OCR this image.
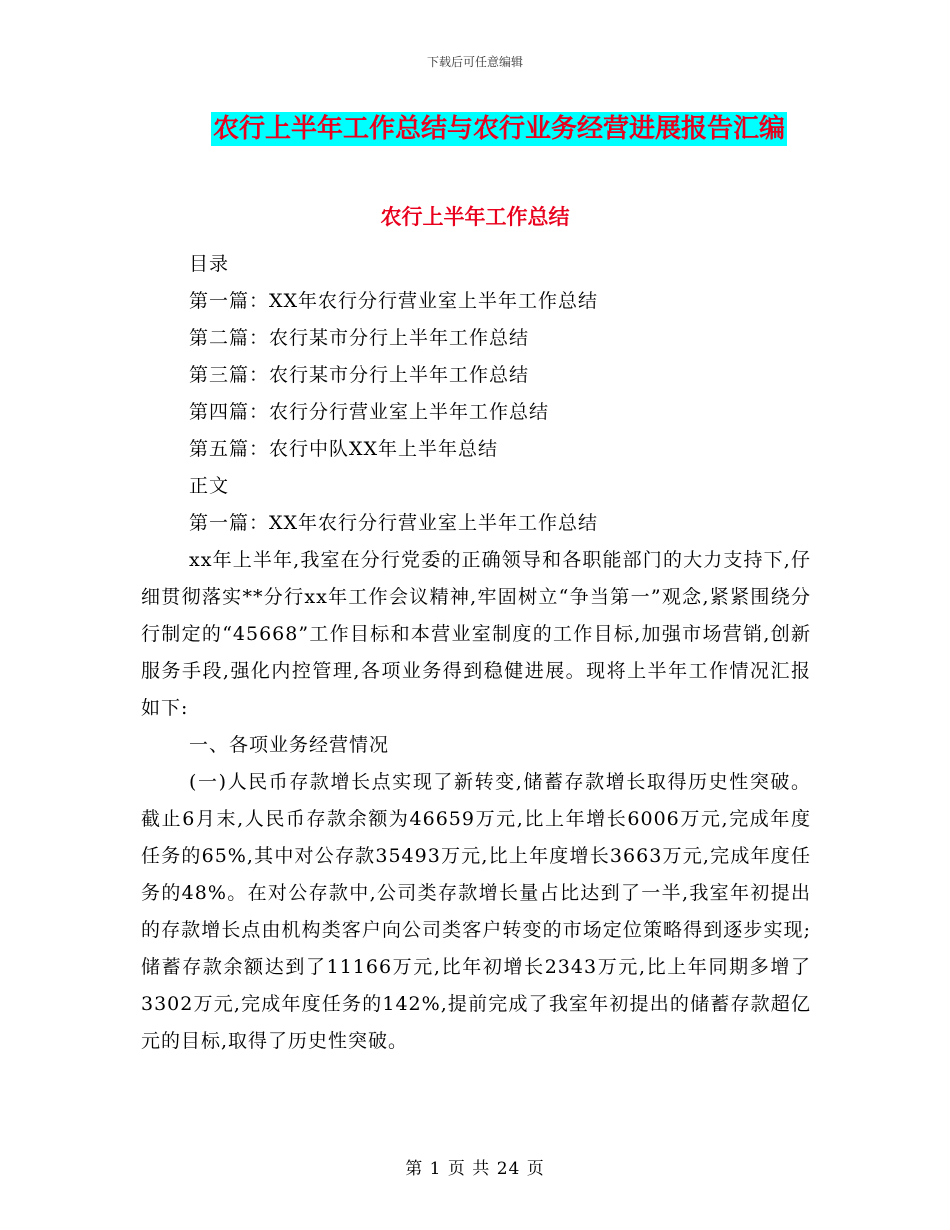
下载后可任意编辑
农行上半年工作总结与农行业务经营进展报告汇编
农行上半年工作总结

目录

第一篇：XX年农行分行营业室上半年工作总结

第二篇：农行某市分行上半年工作总结

第三篇：农行某市分行上半年工作总结

第四篇：农行分行营业室上半年工作总结

第五篇：农行中队XX年上半年总结

正文

第一篇：XX年农行分行营业室上半年工作总结

xx年上半年,我室在分行党委的正确领导和各职能部门的大力支持下,仔细贯彻落实**分行xx年工作会议精神,牢固树立“争当第一”观念,紧紧围绕分行制定的“45668”工作目标和本营业室制度的工作目标,加强市场营销,创新服务手段,强化内控管理,各项业务得到稳健进展。现将上半年工作情况汇报如下:

一、各项业务经营情况

(一)人民币存款增长点实现了新转变,储蓄存款增长取得历史性突破。截止6月末,人民币存款余额为46659万元,比上年增长6006万元,完成年度任务的65%,其中对公存款35493万元,比上年度增长3663万元,完成年度任务的48%。在对公存款中,公司类存款增长量占比达到了一半,我室年初提出的存款增长点由机构类客户向公司类客户转变的市场定位策略得到逐步实现;储蓄存款余额达到了11166万元,比年初增长2343万元,比上年同期多增了3302万元,完成年度任务的142%,提前完成了我室年初提出的储蓄存款超亿元的目标,取得了历史性突破。

第 1 页 共 24 页
